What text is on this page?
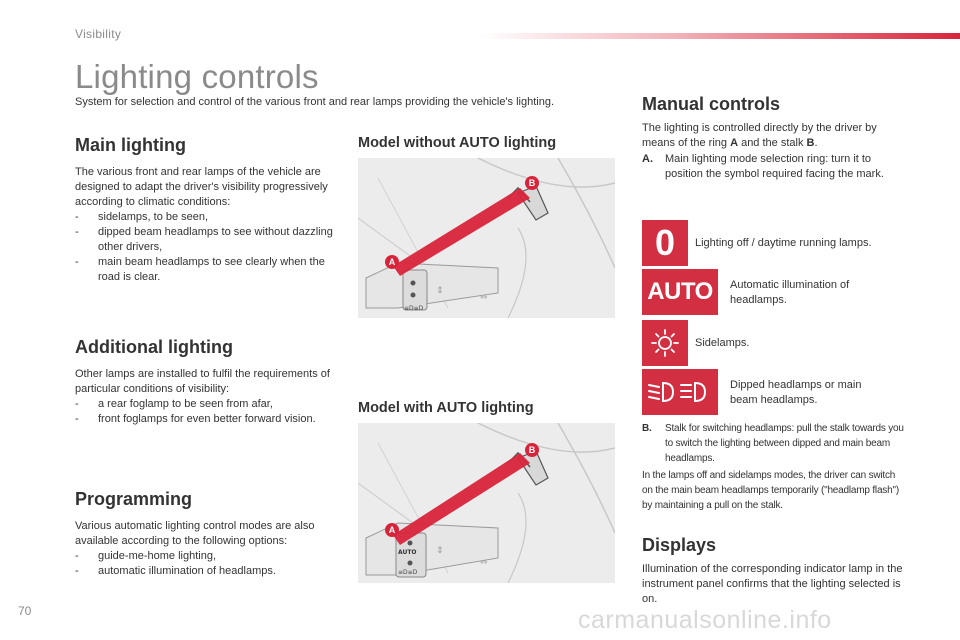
Visibility
Lighting controls
System for selection and control of the various front and rear lamps providing the vehicle's lighting.
Main lighting

The various front and rear lamps of the vehicle are designed to adapt the driver's visibility progressively according to climatic conditions:

- sidelamps, to be seen,
- dipped beam headlamps to see without dazzling other drivers,
- main beam headlamps to see clearly when the road is clear.
Additional lighting

Other lamps are installed to fulfil the requirements of particular conditions of visibility:

- a rear foglamp to be seen from afar,
- front foglamps for even better forward vision.
Programming

Various automatic lighting control modes are also available according to the following options:

- guide-me-home lighting,
- automatic illumination of headlamps.
Model without AUTO lighting
≡D≡D
⇕
⇔
A
B
Model with AUTO lighting
AUTO
≡D≡D
⇕
⇔
A
B
Manual controls

The lighting is controlled directly by the driver by means of the ring A and the stalk B.

A. Main lighting mode selection ring: turn it to position the symbol required facing the mark.

0 Lighting off / daytime running lamps.
AUTO Automatic illumination of headlamps.
Sidelamps.
Dipped headlamps or main beam headlamps.
B. Stalk for switching headlamps: pull the stalk towards you to switch the lighting between dipped and main beam headlamps.
In the lamps off and sidelamps modes, the driver can switch on the main beam headlamps temporarily ("headlamp flash") by maintaining a pull on the stalk.
Displays

Illumination of the corresponding indicator lamp in the instrument panel confirms that the lighting selected is on.

70	carmanualsonline.info
